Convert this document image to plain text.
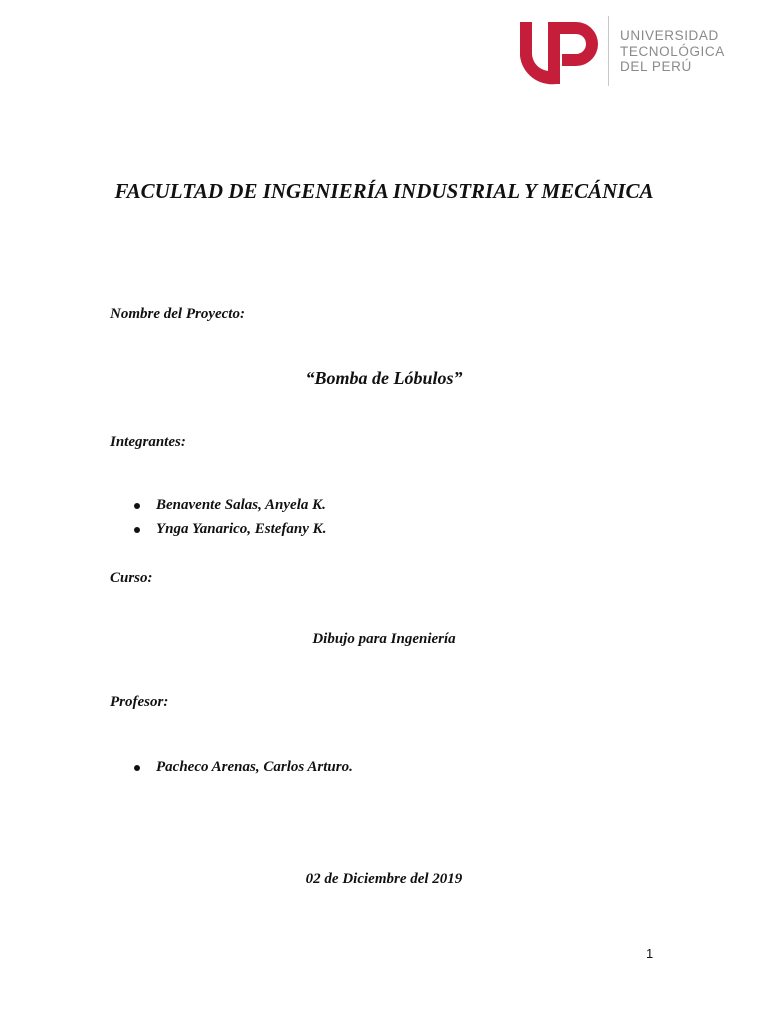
UNIVERSIDAD
TECNOLÓGICA
DEL PERÚ
FACULTAD DE INGENIERÍA INDUSTRIAL Y MECÁNICA
Nombre del Proyecto:
“Bomba de Lóbulos”
Integrantes:
Benavente Salas, Anyela K.
Ynga Yanarico, Estefany K.
Curso:
Dibujo para Ingeniería
Profesor:
Pacheco Arenas, Carlos Arturo.
02 de Diciembre del 2019
1
